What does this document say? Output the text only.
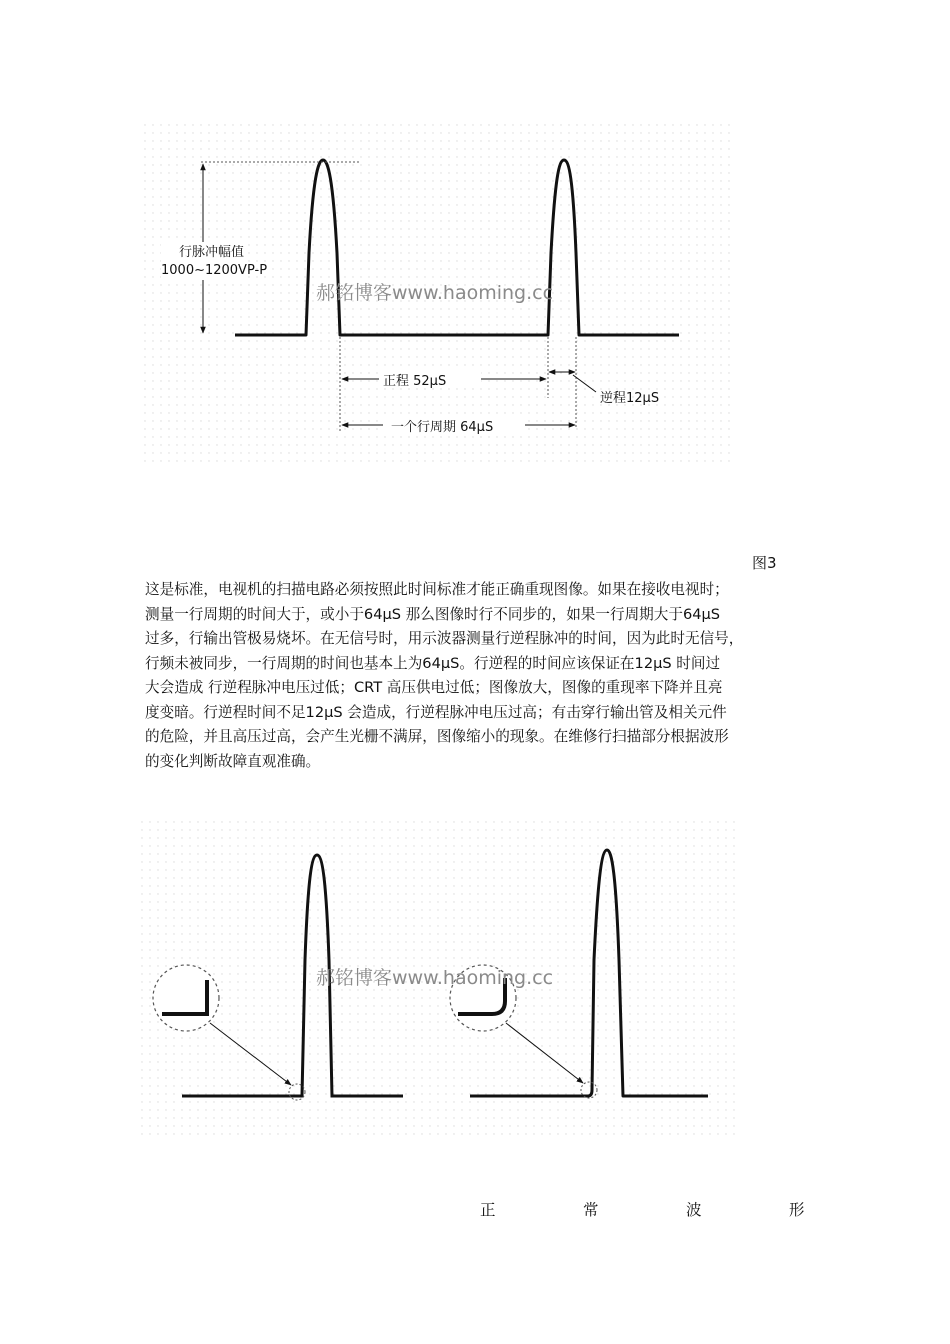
行脉冲幅值
1000~1200VP-P
郝铭博客www.haoming.cc
正程 52μS
逆程12μS
一个行周期 64μS
图3
这是标准，电视机的扫描电路必须按照此时间标准才能正确重现图像。如果在接收电视时；
测量一行周期的时间大于，或小于64μS 那么图像时行不同步的，如果一行周期大于64μS
过多，行输出管极易烧坏。在无信号时，用示波器测量行逆程脉冲的时间，因为此时无信号，
行频未被同步，一行周期的时间也基本上为64μS。行逆程的时间应该保证在12μS 时间过
大会造成 行逆程脉冲电压过低；CRT 高压供电过低；图像放大，图像的重现率下降并且亮
度变暗。行逆程时间不足12μS 会造成，行逆程脉冲电压过高；有击穿行输出管及相关元件
的危险，并且高压过高，会产生光栅不满屏，图像缩小的现象。在维修行扫描部分根据波形
的变化判断故障直观准确。
郝铭博客www.haoming.cc
正	常	波	形
